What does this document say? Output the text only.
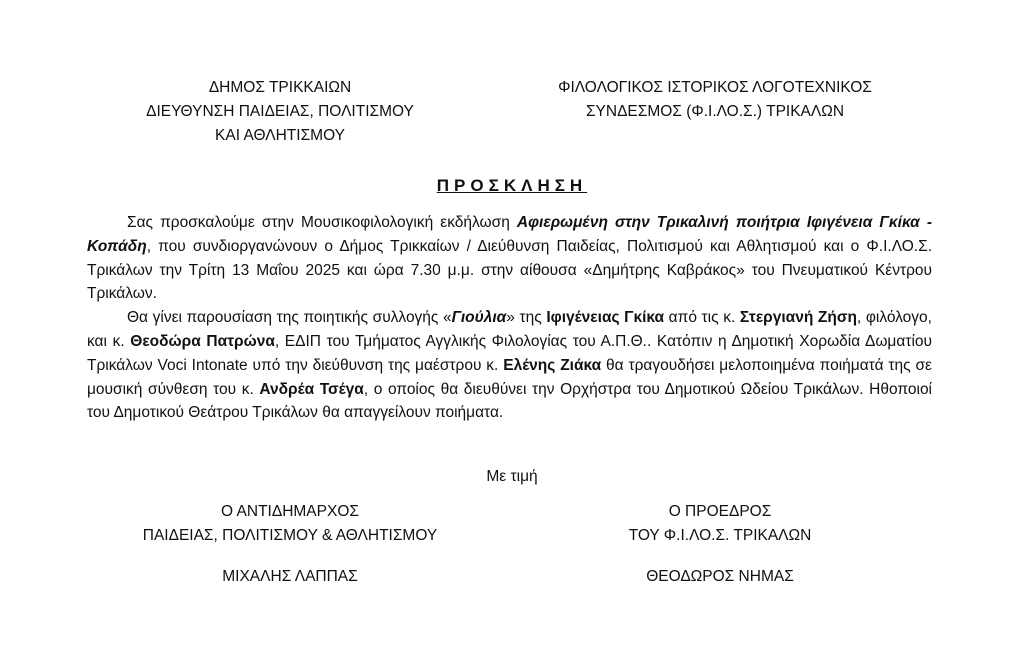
ΔΗΜΟΣ ΤΡΙΚΚΑΙΩΝ
ΔΙΕΥΘΥΝΣΗ ΠΑΙΔΕΙΑΣ, ΠΟΛΙΤΙΣΜΟΥ
ΚΑΙ ΑΘΛΗΤΙΣΜΟΥ
ΦΙΛΟΛΟΓΙΚΟΣ ΙΣΤΟΡΙΚΟΣ ΛΟΓΟΤΕΧΝΙΚΟΣ
ΣΥΝΔΕΣΜΟΣ (Φ.Ι.ΛΟ.Σ.) ΤΡΙΚΑΛΩΝ
ΠΡΟΣΚΛΗΣΗ

Σας προσκαλούμε στην Μουσικοφιλολογική εκδήλωση Αφιερωμένη στην Τρικαλινή ποιήτρια Ιφιγένεια Γκίκα - Κοπάδη, που συνδιοργανώνουν ο Δήμος Τρικκαίων / Διεύθυνση Παιδείας, Πολιτισμού και Αθλητισμού και ο Φ.Ι.ΛΟ.Σ. Τρικάλων την Τρίτη 13 Μαΐου 2025 και ώρα 7.30 μ.μ. στην αίθουσα «Δημήτρης Καβράκος» του Πνευματικού Κέντρου Τρικάλων.

Θα γίνει παρουσίαση της ποιητικής συλλογής «Γιούλια» της Ιφιγένειας Γκίκα από τις κ. Στεργιανή Ζήση, φιλόλογο, και κ. Θεοδώρα Πατρώνα, ΕΔΙΠ του Τμήματος Αγγλικής Φιλολογίας του Α.Π.Θ.. Κατόπιν η Δημοτική Χορωδία Δωματίου Τρικάλων Voci Intonate υπό την διεύθυνση της μαέστρου κ. Ελένης Ζιάκα θα τραγουδήσει μελοποιημένα ποιήματά της σε μουσική σύνθεση του κ. Ανδρέα Τσέγα, ο οποίος θα διευθύνει την Ορχήστρα του Δημοτικού Ωδείου Τρικάλων. Ηθοποιοί του Δημοτικού Θεάτρου Τρικάλων θα απαγγείλουν ποιήματα.

Με τιμή
Ο ΑΝΤΙΔΗΜΑΡΧΟΣ
ΠΑΙΔΕΙΑΣ, ΠΟΛΙΤΙΣΜΟΥ & ΑΘΛΗΤΙΣΜΟΥ
Ο ΠΡΟΕΔΡΟΣ
ΤΟΥ Φ.Ι.ΛΟ.Σ. ΤΡΙΚΑΛΩΝ
ΜΙΧΑΛΗΣ ΛΑΠΠΑΣ	ΘΕΟΔΩΡΟΣ ΝΗΜΑΣ
